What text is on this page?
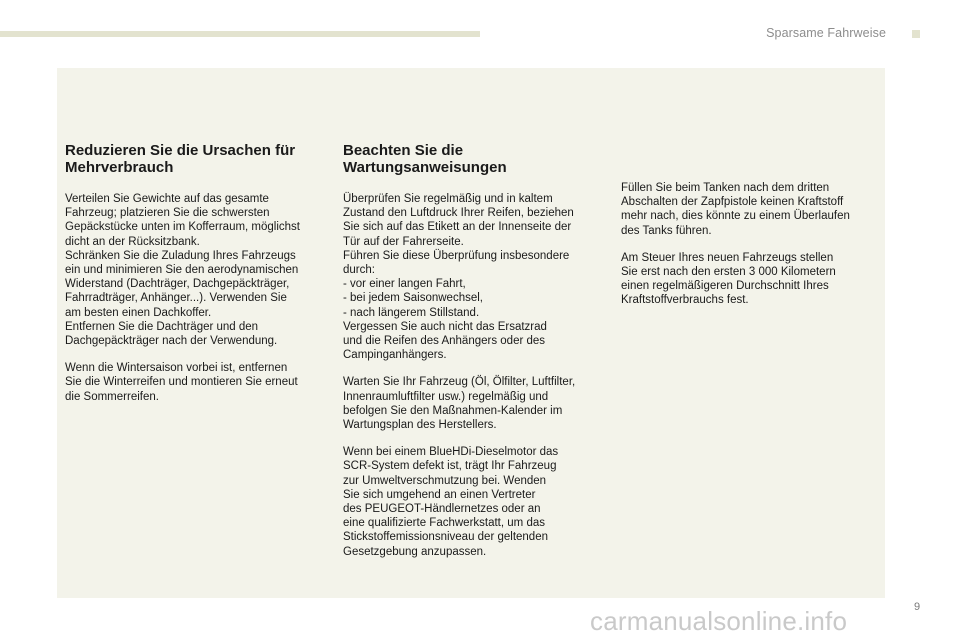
Sparsame Fahrweise
Reduzieren Sie die Ursachen für
Mehrverbrauch

Verteilen Sie Gewichte auf das gesamte
Fahrzeug; platzieren Sie die schwersten
Gepäckstücke unten im Kofferraum, möglichst
dicht an der Rücksitzbank.
Schränken Sie die Zuladung Ihres Fahrzeugs
ein und minimieren Sie den aerodynamischen
Widerstand (Dachträger, Dachgepäckträger,
Fahrradträger, Anhänger...). Verwenden Sie
am besten einen Dachkoffer.
Entfernen Sie die Dachträger und den
Dachgepäckträger nach der Verwendung.

Wenn die Wintersaison vorbei ist, entfernen
Sie die Winterreifen und montieren Sie erneut
die Sommerreifen.

Beachten Sie die
Wartungsanweisungen

Überprüfen Sie regelmäßig und in kaltem
Zustand den Luftdruck Ihrer Reifen, beziehen
Sie sich auf das Etikett an der Innenseite der
Tür auf der Fahrerseite.
Führen Sie diese Überprüfung insbesondere
durch:
- vor einer langen Fahrt,
- bei jedem Saisonwechsel,
- nach längerem Stillstand.
Vergessen Sie auch nicht das Ersatzrad
und die Reifen des Anhängers oder des
Campinganhängers.

Warten Sie Ihr Fahrzeug (Öl, Ölfilter, Luftfilter,
Innenraumluftfilter usw.) regelmäßig und
befolgen Sie den Maßnahmen-Kalender im
Wartungsplan des Herstellers.

Wenn bei einem BlueHDi-Dieselmotor das
SCR-System defekt ist, trägt Ihr Fahrzeug
zur Umweltverschmutzung bei. Wenden
Sie sich umgehend an einen Vertreter
des PEUGEOT-Händlernetzes oder an
eine qualifizierte Fachwerkstatt, um das
Stickstoffemissionsniveau der geltenden
Gesetzgebung anzupassen.

Füllen Sie beim Tanken nach dem dritten
Abschalten der Zapfpistole keinen Kraftstoff
mehr nach, dies könnte zu einem Überlaufen
des Tanks führen.

Am Steuer Ihres neuen Fahrzeugs stellen
Sie erst nach den ersten 3 000 Kilometern
einen regelmäßigeren Durchschnitt Ihres
Kraftstoffverbrauchs fest.

carmanualsonline.info	9
